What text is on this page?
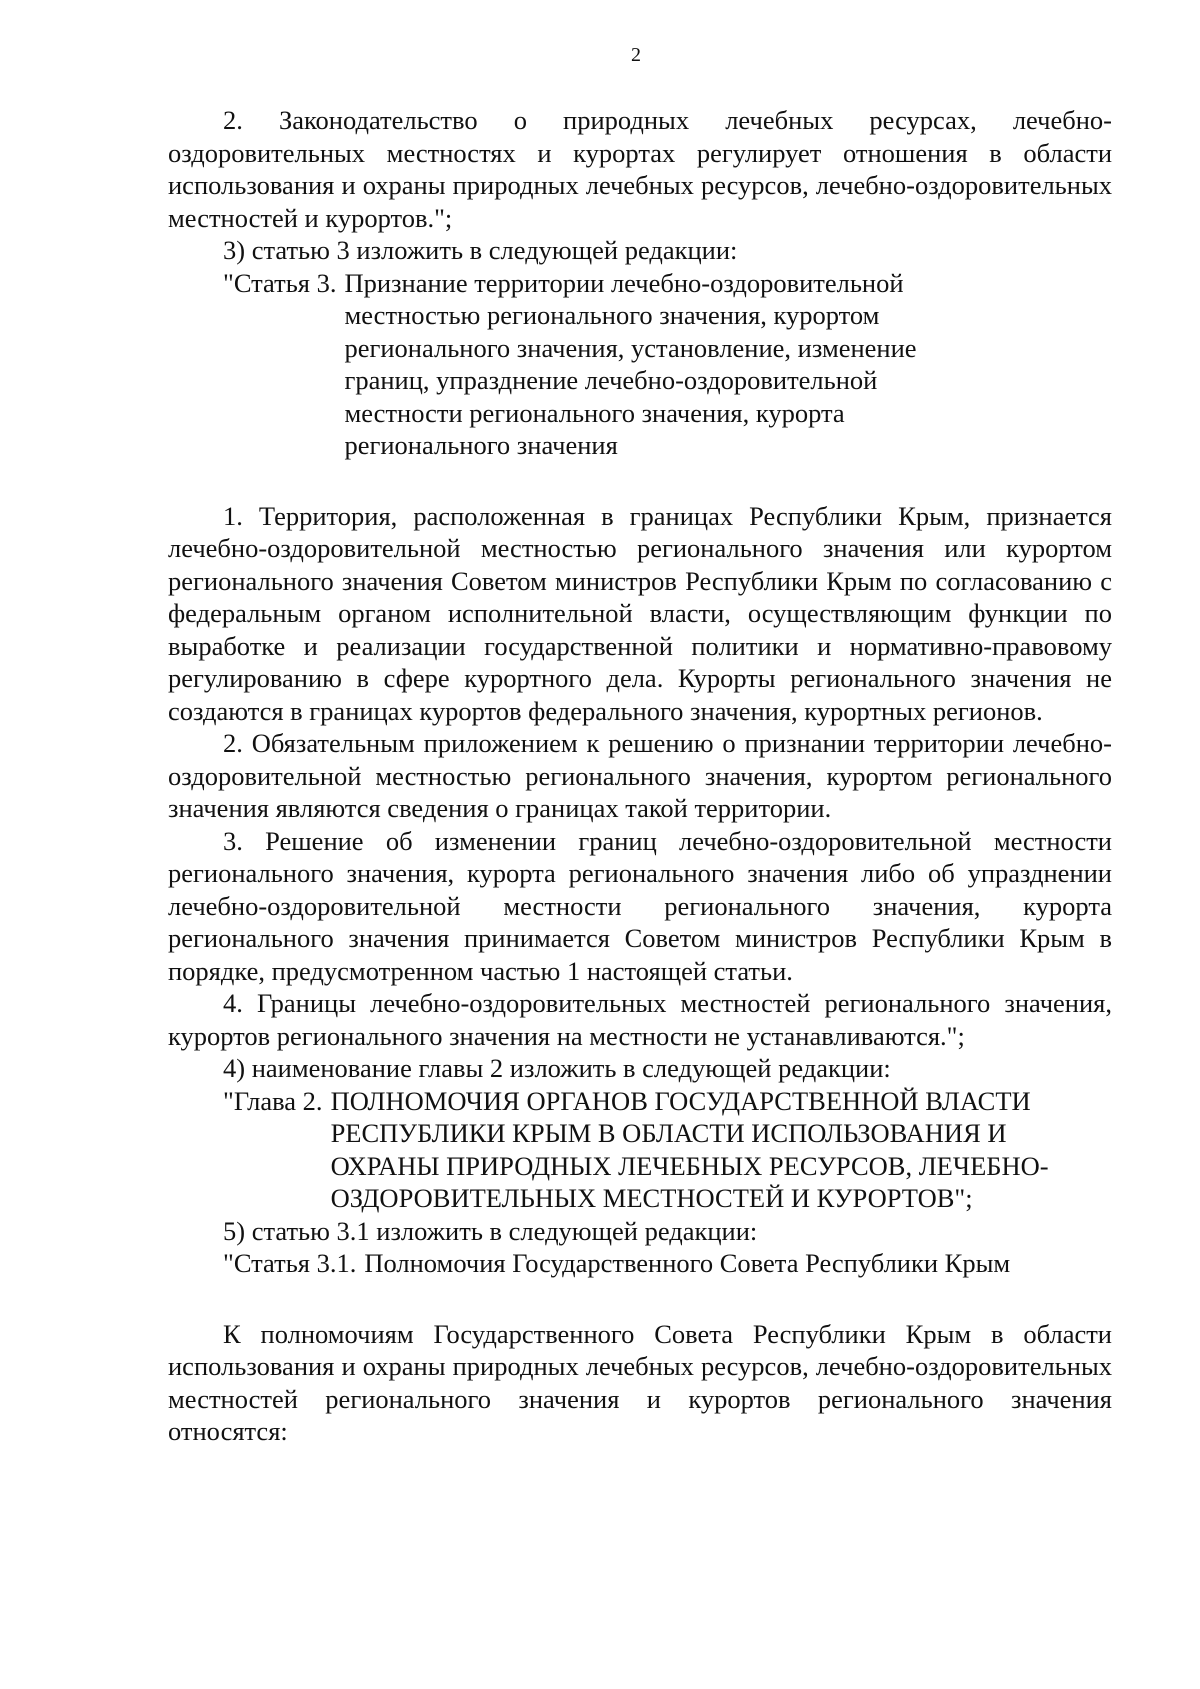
2

2. Законодательство о природных лечебных ресурсах, лечебно-оздоровительных местностях и курортах регулирует отношения в области использования и охраны природных лечебных ресурсов, лечебно-оздоровительных местностей и курортов.";

3) статью 3 изложить в следующей редакции:

"Статья 3. Признание территории лечебно-оздоровительной местностью регионального значения, курортом регионального значения, установление, изменение границ, упразднение лечебно-оздоровительной местности регионального значения, курорта регионального значения

1. Территория, расположенная в границах Республики Крым, признается лечебно-оздоровительной местностью регионального значения или курортом регионального значения Советом министров Республики Крым по согласованию с федеральным органом исполнительной власти, осуществляющим функции по выработке и реализации государственной политики и нормативно-правовому регулированию в сфере курортного дела. Курорты регионального значения не создаются в границах курортов федерального значения, курортных регионов.

2. Обязательным приложением к решению о признании территории лечебно-оздоровительной местностью регионального значения, курортом регионального значения являются сведения о границах такой территории.

3. Решение об изменении границ лечебно-оздоровительной местности регионального значения, курорта регионального значения либо об упразднении лечебно-оздоровительной местности регионального значения, курорта регионального значения принимается Советом министров Республики Крым в порядке, предусмотренном частью 1 настоящей статьи.

4. Границы лечебно-оздоровительных местностей регионального значения, курортов регионального значения на местности не устанавливаются.";

4) наименование главы 2 изложить в следующей редакции:

"Глава 2. ПОЛНОМОЧИЯ ОРГАНОВ ГОСУДАРСТВЕННОЙ ВЛАСТИ РЕСПУБЛИКИ КРЫМ В ОБЛАСТИ ИСПОЛЬЗОВАНИЯ И ОХРАНЫ ПРИРОДНЫХ ЛЕЧЕБНЫХ РЕСУРСОВ, ЛЕЧЕБНО-ОЗДОРОВИТЕЛЬНЫХ МЕСТНОСТЕЙ И КУРОРТОВ";

5) статью 3.1 изложить в следующей редакции:

"Статья 3.1. Полномочия Государственного Совета Республики Крым

К полномочиям Государственного Совета Республики Крым в области использования и охраны природных лечебных ресурсов, лечебно-оздоровительных местностей регионального значения и курортов регионального значения относятся:
